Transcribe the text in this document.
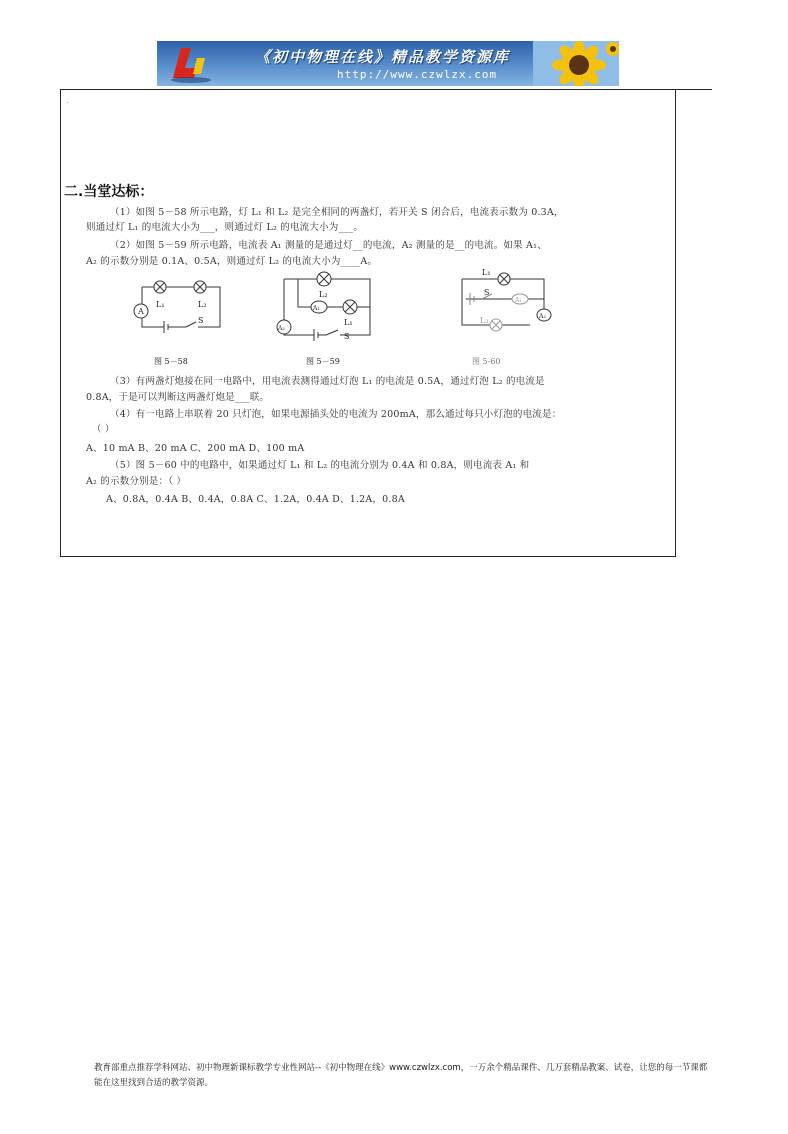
《初中物理在线》精品教学资源库
http://www.czwlzx.com
.
二.当堂达标：
（1）如图 5－58 所示电路，灯 L₁ 和 L₂ 是完全相同的两盏灯，若开关 S 闭合后，电流表示数为 0.3A，
则通过灯 L₁ 的电流大小为___，则通过灯 L₂ 的电流大小为___。
（2）如图 5－59 所示电路，电流表 A₁ 测量的是通过灯__的电流，A₂ 测量的是__的电流。如果 A₁、
A₂ 的示数分别是 0.1A、0.5A，则通过灯 L₂ 的电流大小为____A。
A
L₁	L₂
S
图 5－58
L₂
A₁
L₁
A₂
S
图 5－59
L₁
S
A₁
L₂	A₂
图 5-60
（3）有两盏灯炮接在同一电路中，用电流表测得通过灯泡 L₁ 的电流是 0.5A，通过灯泡 L₂ 的电流是
0.8A，于是可以判断这两盏灯炮是___联。
（4）有一电路上串联着 20 只灯泡，如果电源插头处的电流为 200mA，那么通过每只小灯泡的电流是：
（ ）
A、10 mA B、20 mA C、200 mA D、100 mA
（5）图 5－60 中的电路中，如果通过灯 L₁ 和 L₂ 的电流分别为 0.4A 和 0.8A，则电流表 A₁ 和
A₂ 的示数分别是：（ ）
A、0.8A，0.4A B、0.4A，0.8A C、1.2A，0.4A D、1.2A，0.8A
教育部重点推荐学科网站、初中物理新课标教学专业性网站--《初中物理在线》www.czwlzx.com，一万余个精品课件、几万套精品教案、试卷，让您的每一节课都能在这里找到合适的教学资源。
